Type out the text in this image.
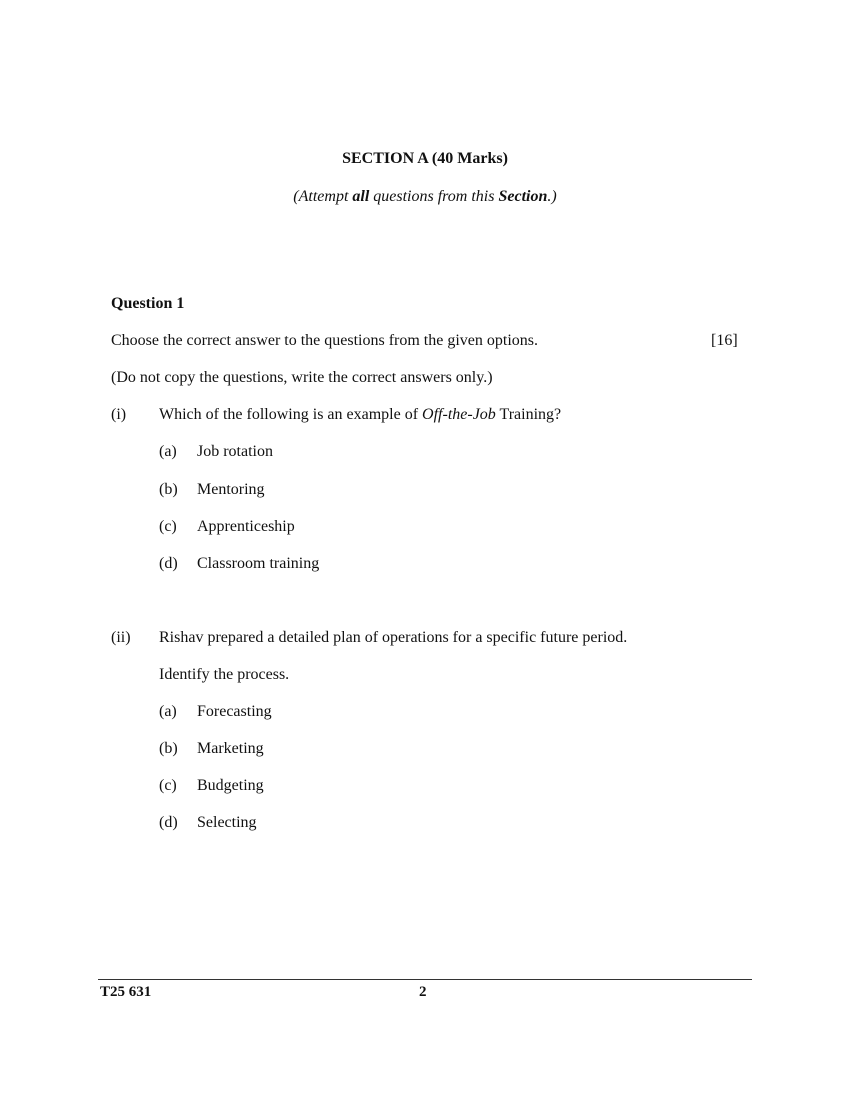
SECTION A (40 Marks)
(Attempt all questions from this Section.)
Question 1
Choose the correct answer to the questions from the given options.	[16]
(Do not copy the questions, write the correct answers only.)
(i) Which of the following is an example of Off-the-Job Training?
(a) Job rotation
(b) Mentoring
(c) Apprenticeship
(d) Classroom training
(ii) Rishav prepared a detailed plan of operations for a specific future period.
Identify the process.
(a) Forecasting
(b) Marketing
(c) Budgeting
(d) Selecting
T25 631	2
